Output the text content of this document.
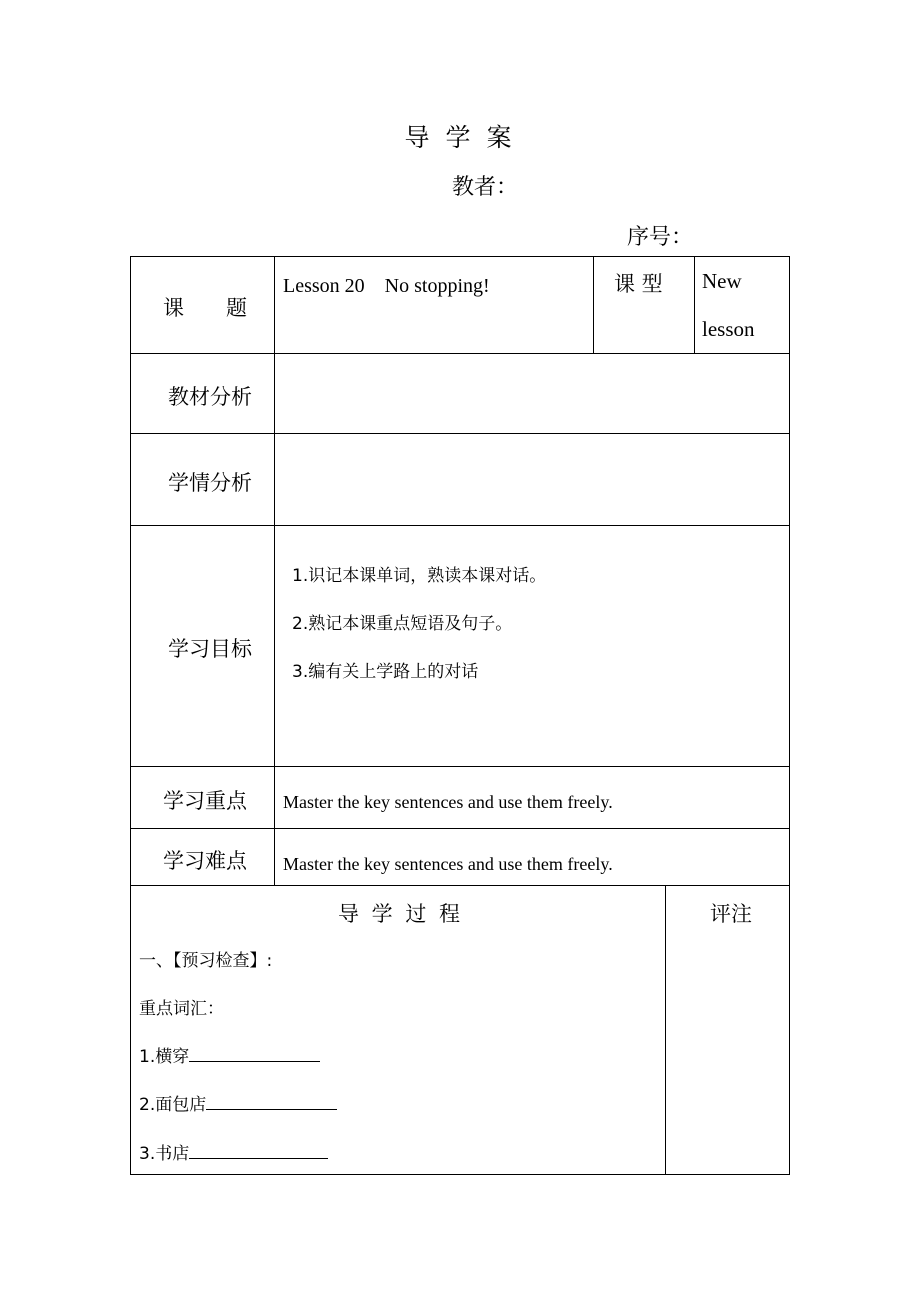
导 学 案
教者：
序号：
课　　题
Lesson 20　No stopping!	课 型 New
lesson
教材分析
学情分析
学习目标
1.识记本课单词，熟读本课对话。
2.熟记本课重点短语及句子。
3.编有关上学路上的对话
学习重点 Master the key sentences and use them freely.
学习难点 Master the key sentences and use them freely.
导 学 过 程	评注
一、【预习检查】:
重点词汇：
1.横穿
2.面包店
3.书店
